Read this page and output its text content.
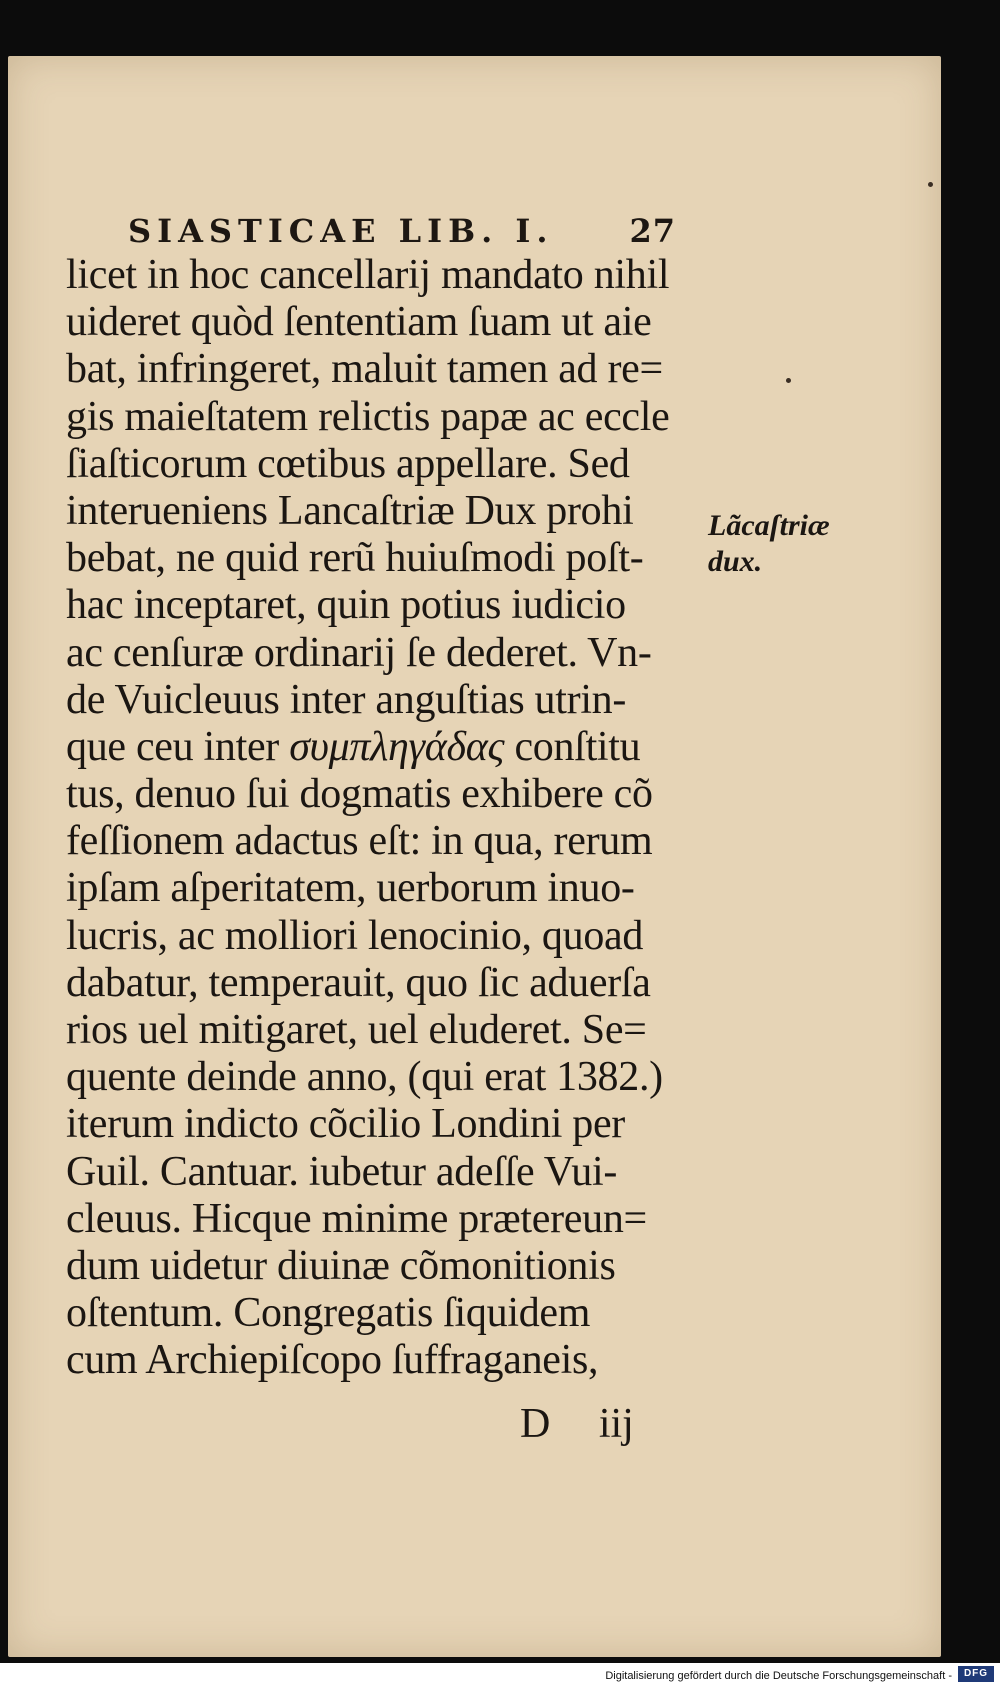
SIASTICAE LIB. I. 27
licet in hoc cancellarij mandato nihil
uideret quòd ſententiam ſuam ut aie
bat, infringeret, maluit tamen ad re=
gis maieſtatem relictis papæ ac eccle
ſiaſticorum cœtibus appellare. Sed
interueniens Lancaſtriæ Dux prohi
bebat, ne quid rerũ huiuſmodi poſt-
hac inceptaret, quin potius iudicio
ac cenſuræ ordinarij ſe dederet. Vn-
de Vuicleuus inter anguſtias utrin-
que ceu inter συμπληγάδας conſtitu
tus, denuo ſui dogmatis exhibere cõ
feſſionem adactus eſt: in qua, rerum
ipſam aſperitatem, uerborum inuo-
lucris, ac molliori lenocinio, quoad
dabatur, temperauit, quo ſic aduerſa
rios uel mitigaret, uel eluderet. Se=
quente deinde anno, (qui erat 1382.)
iterum indicto cõcilio Londini per
Guil. Cantuar. iubetur adeſſe Vui-
cleuus. Hicque minime prætereun=
dum uidetur diuinæ cõmonitionis
oſtentum. Congregatis ſiquidem
cum Archiepiſcopo ſuffraganeis,
Lãcaſtriæ
dux.
D iij
Digitalisierung gefördert durch die Deutsche Forschungsgemeinschaft -	DFG
